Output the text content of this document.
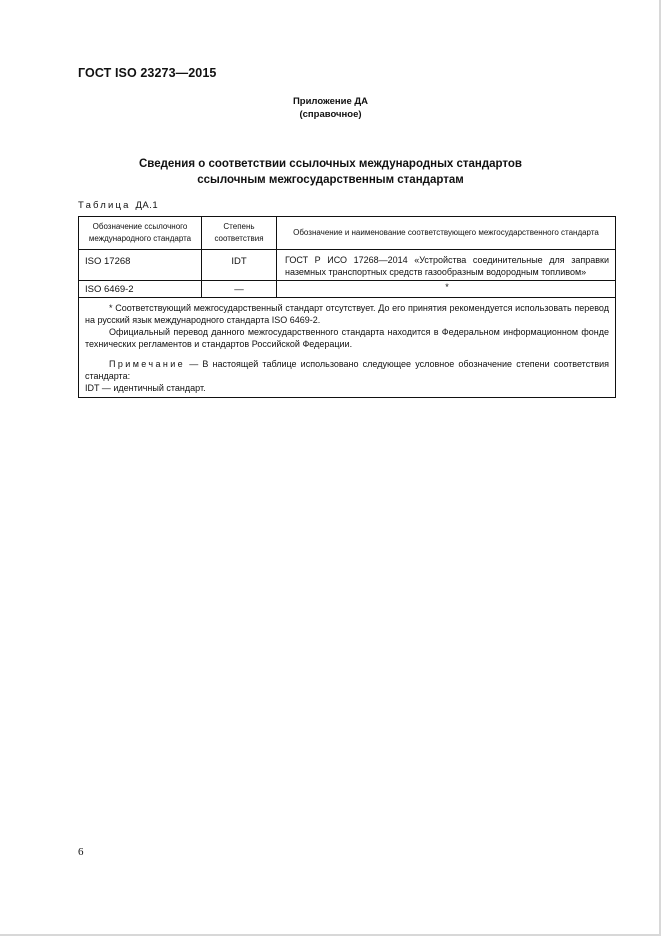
ГОСТ ISO 23273—2015
Приложение ДА
(справочное)
Сведения о соответствии ссылочных международных стандартов
ссылочным межгосударственным стандартам
Таблица ДА.1
Обозначение ссылочного международного стандарта	Степень соответствия	Обозначение и наименование соответствующего межгосударственного стандарта
ISO 17268	IDT	ГОСТ Р ИСО 17268—2014 «Устройства соединительные для заправки наземных транспортных средств газообразным водородным топливом»
ISO 6469-2	—	*

* Соответствующий межгосударственный стандарт отсутствует. До его принятия рекомендуется использовать перевод на русский язык международного стандарта ISO 6469-2.

Официальный перевод данного межгосударственного стандарта находится в Федеральном информационном фонде технических регламентов и стандартов Российской Федерации.

Примечание — В настоящей таблице использовано следующее условное обозначение степени соответствия стандарта:

IDT — идентичный стандарт.		

6
